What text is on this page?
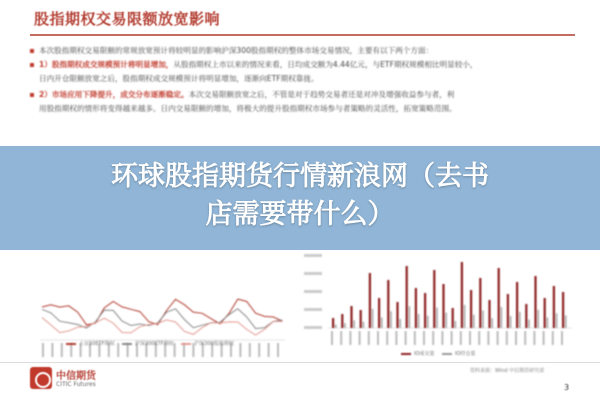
股指期权交易限额放宽影响
本次股指期权交易限额的常规放宽预计将较明显的影响沪深300股指期权的整体市场交易情况，主要有以下两个方面：
1）股指期权成交规模预计将明显增加，从股指期权上市以来的情况来看，日均成交额为4.44亿元，与ETF期权规模相比明显较小，
日内开仓限额放宽之后，股指期权成交规模预计将明显增加，逐渐向ETF期权靠拢。
2）市场应用下降提升，成交分布逐渐稳定。本次交易限额放宽之后，不管是对于趋势交易者还是对冲及增强收益参与者，利
用股指期权的情形将变得越来越多。日内交易限额的增加，将极大的提升股指期权市场参与者策略的灵活性，拓宽策略范围。
上证50ETF期权	沪深300ETF期权	沪深300股指期权
IO成交量	IO持仓量
中信期货
CITIC Futures
资料来源：Wind 中信期货研究部
3
环球股指期货行情新浪网（去书
店需要带什么）
